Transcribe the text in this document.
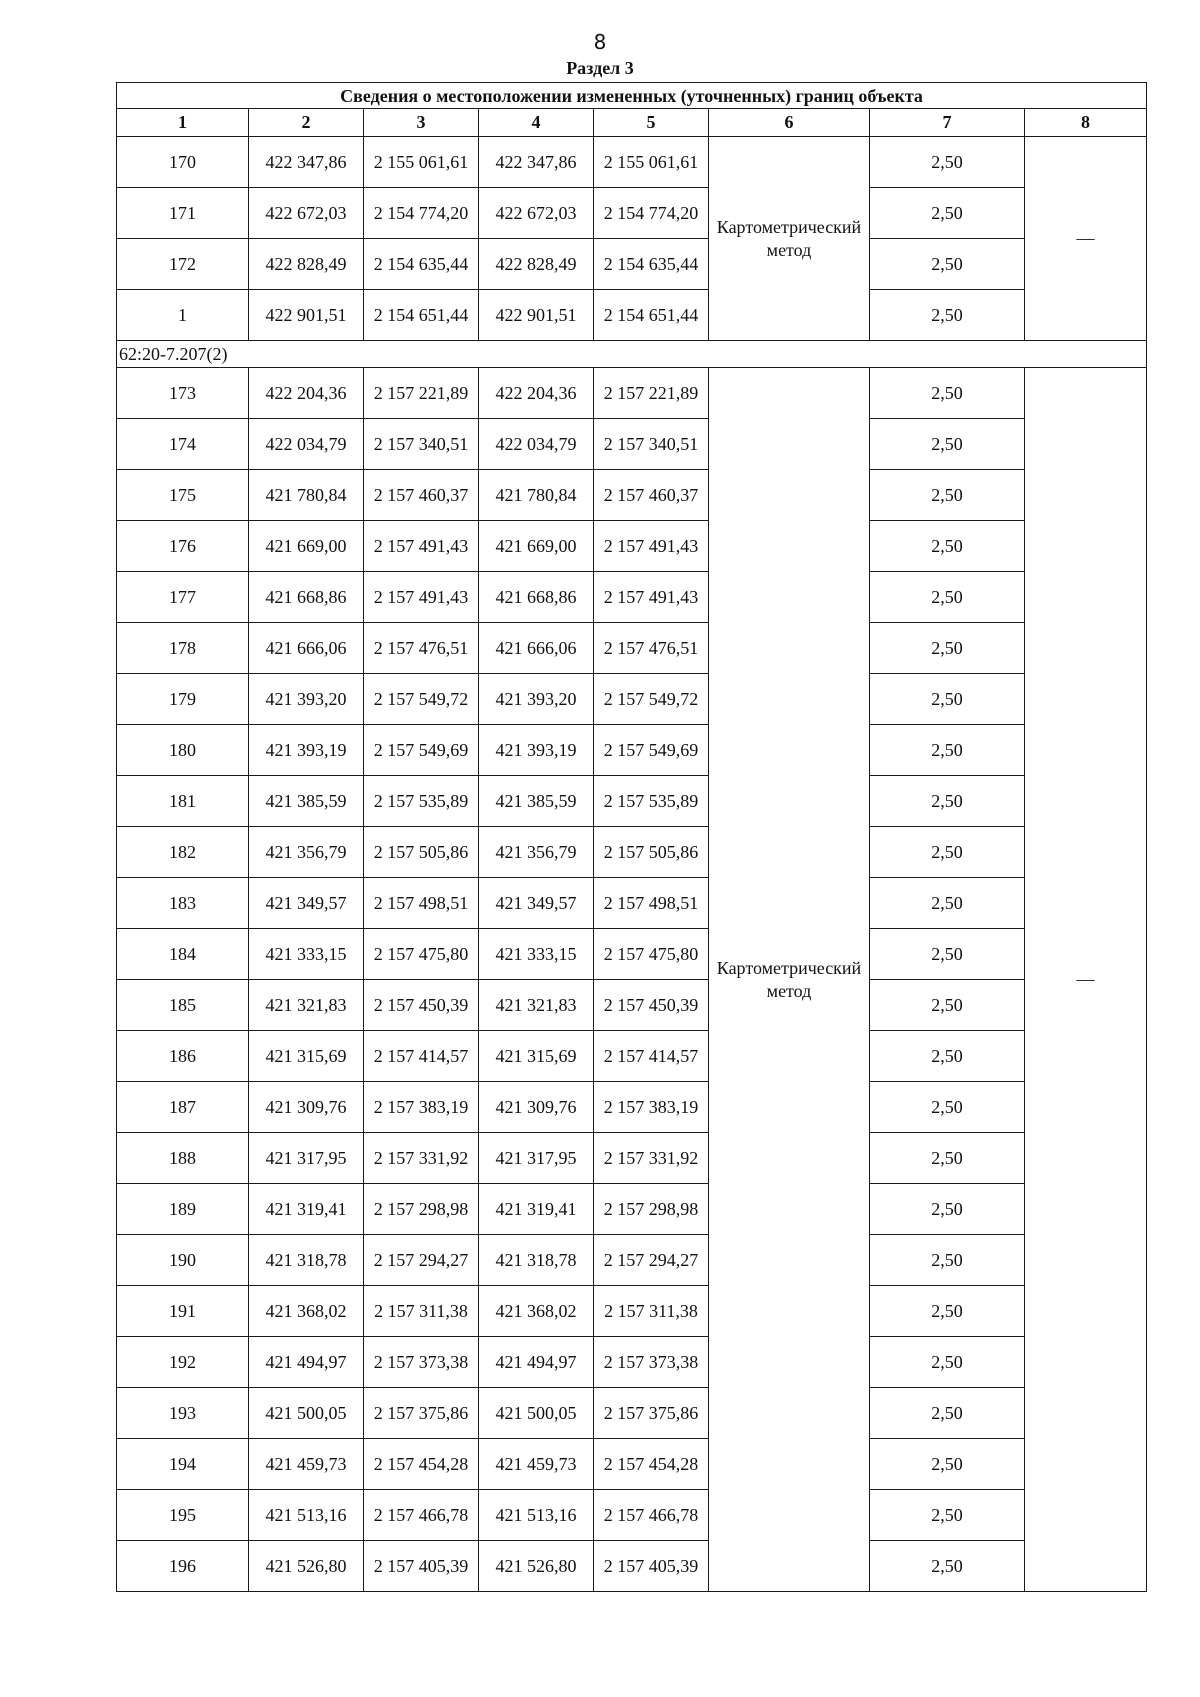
8
Раздел 3
Сведения о местоположении измененных (уточненных) границ объекта							
1	2	3	4	5	6	7	8
170	422 347,86	2 155 061,61	422 347,86	2 155 061,61	Картометрический метод	2,50	—
171	422 672,03	2 154 774,20	422 672,03	2 154 774,20		2,50	
172	422 828,49	2 154 635,44	422 828,49	2 154 635,44		2,50	
1	422 901,51	2 154 651,44	422 901,51	2 154 651,44		2,50	
62:20-7.207(2)							
173	422 204,36	2 157 221,89	422 204,36	2 157 221,89	Картометрический метод	2,50	—
174	422 034,79	2 157 340,51	422 034,79	2 157 340,51		2,50	
175	421 780,84	2 157 460,37	421 780,84	2 157 460,37		2,50	
176	421 669,00	2 157 491,43	421 669,00	2 157 491,43		2,50	
177	421 668,86	2 157 491,43	421 668,86	2 157 491,43		2,50	
178	421 666,06	2 157 476,51	421 666,06	2 157 476,51		2,50	
179	421 393,20	2 157 549,72	421 393,20	2 157 549,72		2,50	
180	421 393,19	2 157 549,69	421 393,19	2 157 549,69		2,50	
181	421 385,59	2 157 535,89	421 385,59	2 157 535,89		2,50	
182	421 356,79	2 157 505,86	421 356,79	2 157 505,86		2,50	
183	421 349,57	2 157 498,51	421 349,57	2 157 498,51		2,50	
184	421 333,15	2 157 475,80	421 333,15	2 157 475,80		2,50	
185	421 321,83	2 157 450,39	421 321,83	2 157 450,39		2,50	
186	421 315,69	2 157 414,57	421 315,69	2 157 414,57		2,50	
187	421 309,76	2 157 383,19	421 309,76	2 157 383,19		2,50	
188	421 317,95	2 157 331,92	421 317,95	2 157 331,92		2,50	
189	421 319,41	2 157 298,98	421 319,41	2 157 298,98		2,50	
190	421 318,78	2 157 294,27	421 318,78	2 157 294,27		2,50	
191	421 368,02	2 157 311,38	421 368,02	2 157 311,38		2,50	
192	421 494,97	2 157 373,38	421 494,97	2 157 373,38		2,50	
193	421 500,05	2 157 375,86	421 500,05	2 157 375,86		2,50	
194	421 459,73	2 157 454,28	421 459,73	2 157 454,28		2,50	
195	421 513,16	2 157 466,78	421 513,16	2 157 466,78		2,50	
196	421 526,80	2 157 405,39	421 526,80	2 157 405,39		2,50	
